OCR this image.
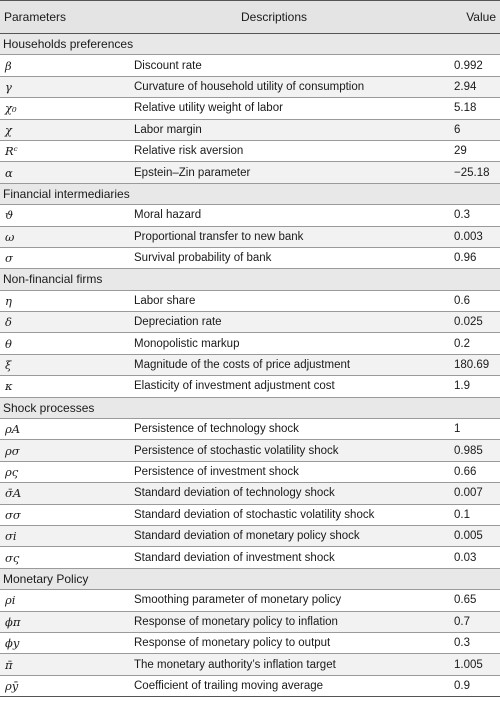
Parameters	Descriptions	Value
Households preferences
β	Discount rate	0.992
γ	Curvature of household utility of consumption	2.94
χ₀	Relative utility weight of labor	5.18
χ	Labor margin	6
Rᶜ	Relative risk aversion	29
α	Epstein–Zin parameter	−25.18
Financial intermediaries
ϑ	Moral hazard	0.3
ω	Proportional transfer to new bank	0.003
σ	Survival probability of bank	0.96
Non-financial firms
η	Labor share	0.6
δ	Depreciation rate	0.025
θ	Monopolistic markup	0.2
ξ	Magnitude of the costs of price adjustment	180.69
κ	Elasticity of investment adjustment cost	1.9
Shock processes
ρA	Persistence of technology shock	1
ρσ	Persistence of stochastic volatility shock	0.985
ρς	Persistence of investment shock	0.66
σ̄A	Standard deviation of technology shock	0.007
σσ	Standard deviation of stochastic volatility shock	0.1
σi	Standard deviation of monetary policy shock	0.005
σς	Standard deviation of investment shock	0.03
Monetary Policy
ρi	Smoothing parameter of monetary policy	0.65
ϕπ	Response of monetary policy to inflation	0.7
ϕy	Response of monetary policy to output	0.3
π̄	The monetary authority’s inflation target	1.005
ρȳ	Coefficient of trailing moving average	0.9
